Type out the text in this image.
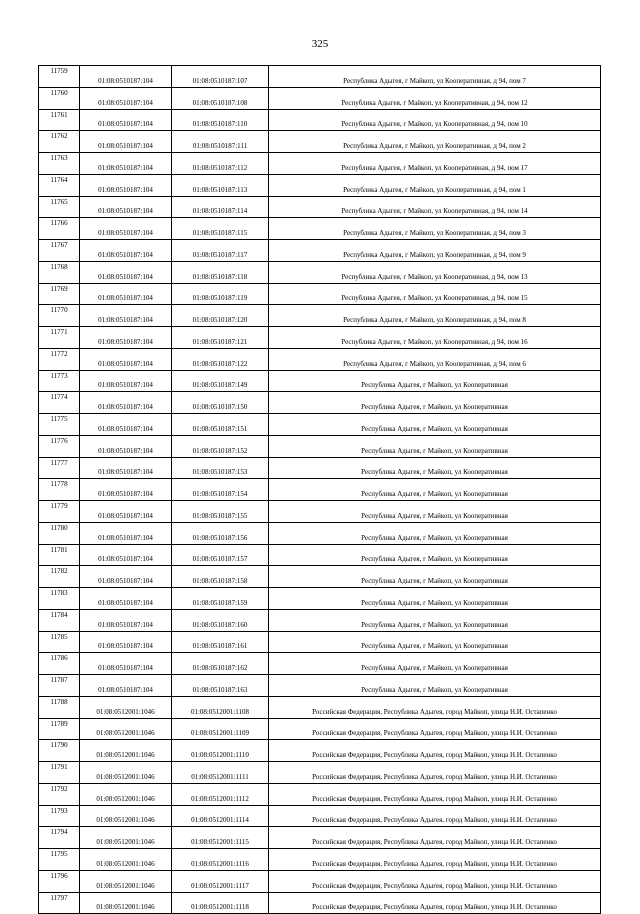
325
11759	01:08:0510187:104	01:08:0510187:107	Республика Адыгея, г Майкоп, ул Кооперативная, д 94, пом 7
11760	01:08:0510187:104	01:08:0510187:108	Республика Адыгея, г Майкоп, ул Кооперативная, д 94, пом 12
11761	01:08:0510187:104	01:08:0510187:110	Республика Адыгея, г Майкоп, ул Кооперативная, д 94, пом 10
11762	01:08:0510187:104	01:08:0510187:111	Республика Адыгея, г Майкоп, ул Кооперативная, д 94, пом 2
11763	01:08:0510187:104	01:08:0510187:112	Республика Адыгея, г Майкоп, ул Кооперативная, д 94, пом 17
11764	01:08:0510187:104	01:08:0510187:113	Республика Адыгея, г Майкоп, ул Кооперативная, д 94, пом 1
11765	01:08:0510187:104	01:08:0510187:114	Республика Адыгея, г Майкоп, ул Кооперативная, д 94, пом 14
11766	01:08:0510187:104	01:08:0510187:115	Республика Адыгея, г Майкоп, ул Кооперативная, д 94, пом 3
11767	01:08:0510187:104	01:08:0510187:117	Республика Адыгея, г Майкоп, ул Кооперативная, д 94, пом 9
11768	01:08:0510187:104	01:08:0510187:118	Республика Адыгея, г Майкоп, ул Кооперативная, д 94, пом 13
11769	01:08:0510187:104	01:08:0510187:119	Республика Адыгея, г Майкоп, ул Кооперативная, д 94, пом 15
11770	01:08:0510187:104	01:08:0510187:120	Республика Адыгея, г Майкоп, ул Кооперативная, д 94, пом 8
11771	01:08:0510187:104	01:08:0510187:121	Республика Адыгея, г Майкоп, ул Кооперативная, д 94, пом 16
11772	01:08:0510187:104	01:08:0510187:122	Республика Адыгея, г Майкоп, ул Кооперативная, д 94, пом 6
11773	01:08:0510187:104	01:08:0510187:149	Республика Адыгея, г Майкоп, ул Кооперативная
11774	01:08:0510187:104	01:08:0510187:150	Республика Адыгея, г Майкоп, ул Кооперативная
11775	01:08:0510187:104	01:08:0510187:151	Республика Адыгея, г Майкоп, ул Кооперативная
11776	01:08:0510187:104	01:08:0510187:152	Республика Адыгея, г Майкоп, ул Кооперативная
11777	01:08:0510187:104	01:08:0510187:153	Республика Адыгея, г Майкоп, ул Кооперативная
11778	01:08:0510187:104	01:08:0510187:154	Республика Адыгея, г Майкоп, ул Кооперативная
11779	01:08:0510187:104	01:08:0510187:155	Республика Адыгея, г Майкоп, ул Кооперативная
11780	01:08:0510187:104	01:08:0510187:156	Республика Адыгея, г Майкоп, ул Кооперативная
11781	01:08:0510187:104	01:08:0510187:157	Республика Адыгея, г Майкоп, ул Кооперативная
11782	01:08:0510187:104	01:08:0510187:158	Республика Адыгея, г Майкоп, ул Кооперативная
11783	01:08:0510187:104	01:08:0510187:159	Республика Адыгея, г Майкоп, ул Кооперативная
11784	01:08:0510187:104	01:08:0510187:160	Республика Адыгея, г Майкоп, ул Кооперативная
11785	01:08:0510187:104	01:08:0510187:161	Республика Адыгея, г Майкоп, ул Кооперативная
11786	01:08:0510187:104	01:08:0510187:162	Республика Адыгея, г Майкоп, ул Кооперативная
11787	01:08:0510187:104	01:08:0510187:163	Республика Адыгея, г Майкоп, ул Кооперативная
11788	01:08:0512001:1046	01:08:0512001:1108	Российская Федерация, Республика Адыгея, город Майкоп, улица Н.И. Остапенко
11789	01:08:0512001:1046	01:08:0512001:1109	Российская Федерация, Республика Адыгея, город Майкоп, улица Н.И. Остапенко
11790	01:08:0512001:1046	01:08:0512001:1110	Российская Федерация, Республика Адыгея, город Майкоп, улица Н.И. Остапенко
11791	01:08:0512001:1046	01:08:0512001:1111	Российская Федерация, Республика Адыгея, город Майкоп, улица Н.И. Остапенко
11792	01:08:0512001:1046	01:08:0512001:1112	Российская Федерация, Республика Адыгея, город Майкоп, улица Н.И. Остапенко
11793	01:08:0512001:1046	01:08:0512001:1114	Российская Федерация, Республика Адыгея, город Майкоп, улица Н.И. Остапенко
11794	01:08:0512001:1046	01:08:0512001:1115	Российская Федерация, Республика Адыгея, город Майкоп, улица Н.И. Остапенко
11795	01:08:0512001:1046	01:08:0512001:1116	Российская Федерация, Республика Адыгея, город Майкоп, улица Н.И. Остапенко
11796	01:08:0512001:1046	01:08:0512001:1117	Российская Федерация, Республика Адыгея, город Майкоп, улица Н.И. Остапенко
11797	01:08:0512001:1046	01:08:0512001:1118	Российская Федерация, Республика Адыгея, город Майкоп, улица Н.И. Остапенко
